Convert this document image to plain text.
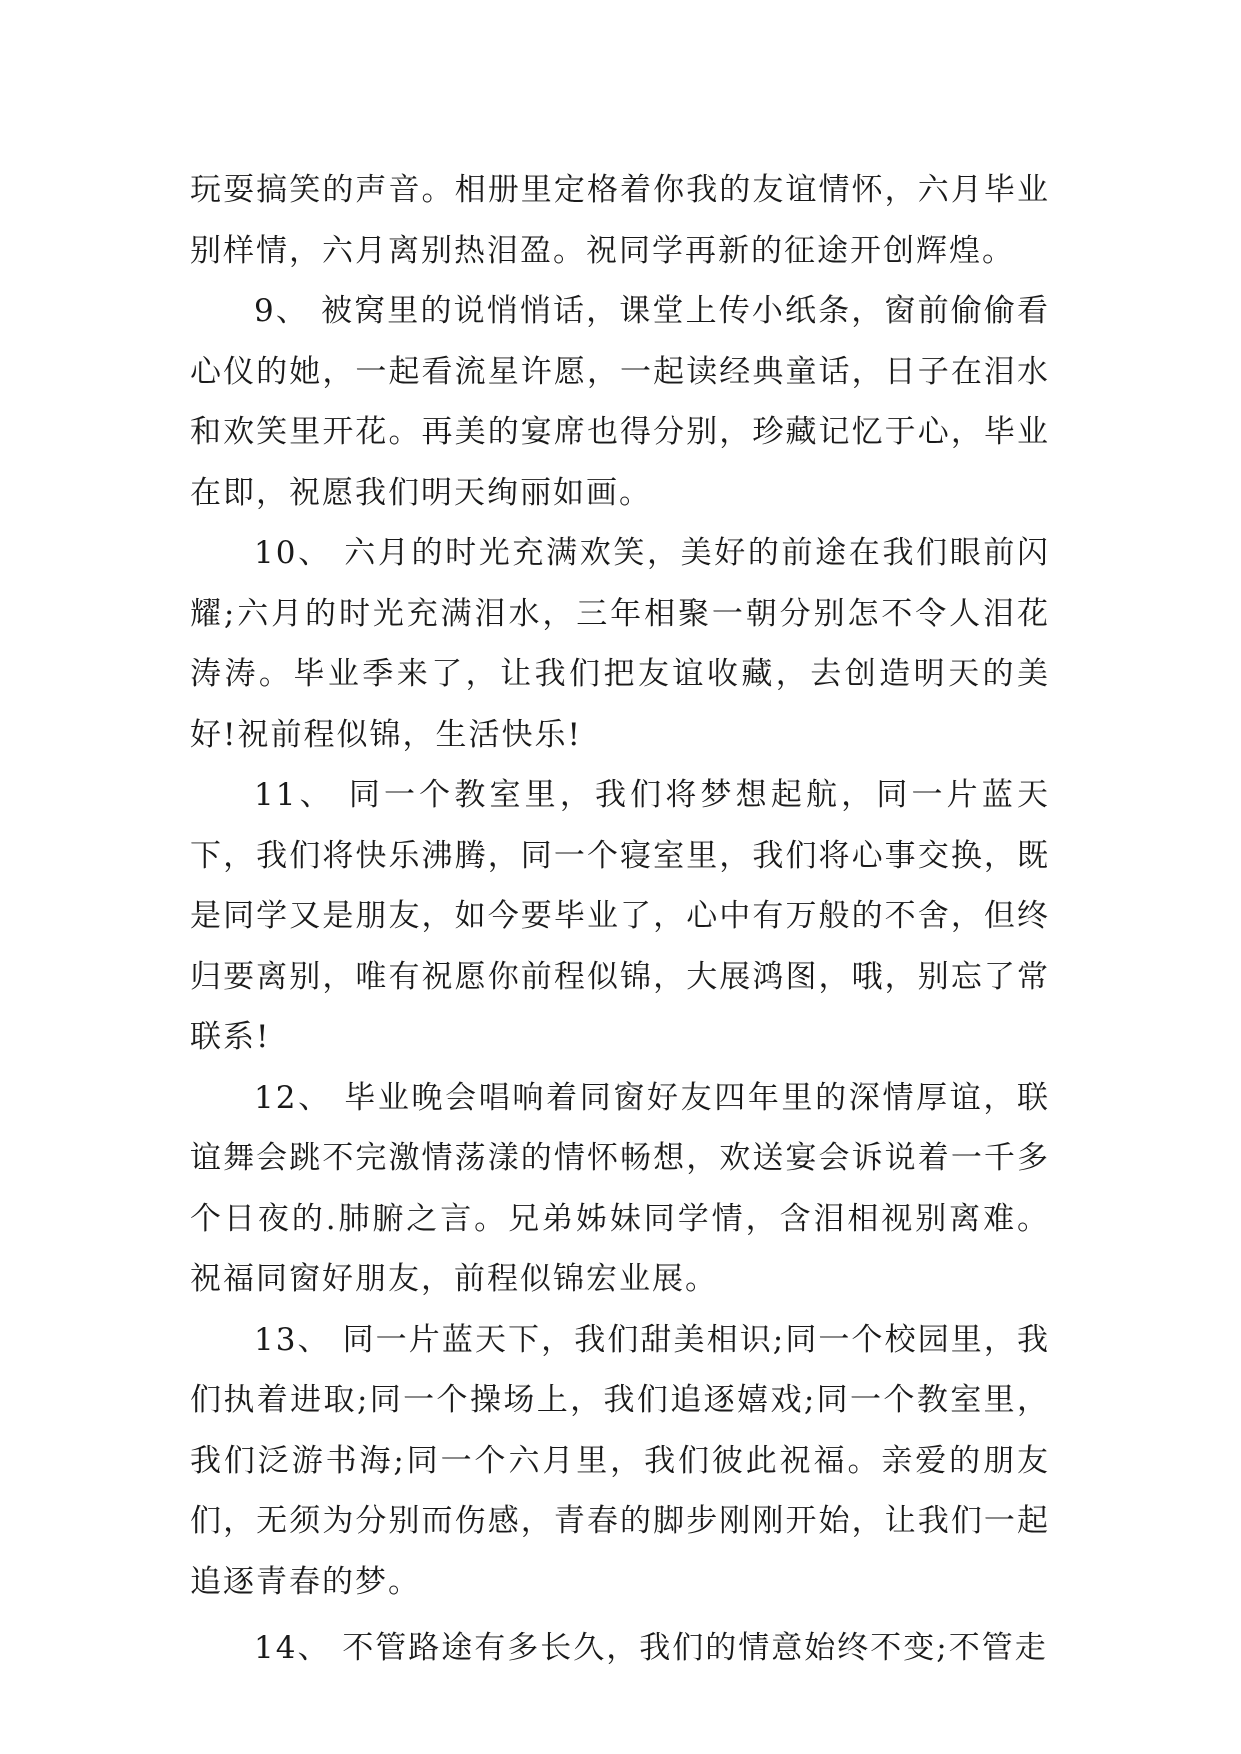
玩耍搞笑的声音。相册里定格着你我的友谊情怀，六月毕业别样情，六月离别热泪盈。祝同学再新的征途开创辉煌。

9、 被窝里的说悄悄话，课堂上传小纸条，窗前偷偷看心仪的她，一起看流星许愿，一起读经典童话，日子在泪水和欢笑里开花。再美的宴席也得分别，珍藏记忆于心，毕业在即，祝愿我们明天绚丽如画。

10、 六月的时光充满欢笑，美好的前途在我们眼前闪耀;六月的时光充满泪水，三年相聚一朝分别怎不令人泪花涛涛。毕业季来了，让我们把友谊收藏，去创造明天的美好!祝前程似锦，生活快乐!

11、 同一个教室里，我们将梦想起航，同一片蓝天下，我们将快乐沸腾，同一个寝室里，我们将心事交换，既是同学又是朋友，如今要毕业了，心中有万般的不舍，但终归要离别，唯有祝愿你前程似锦，大展鸿图，哦，别忘了常联系!

12、 毕业晚会唱响着同窗好友四年里的深情厚谊，联谊舞会跳不完激情荡漾的情怀畅想，欢送宴会诉说着一千多个日夜的.肺腑之言。兄弟姊妹同学情，含泪相视别离难。祝福同窗好朋友，前程似锦宏业展。

13、 同一片蓝天下，我们甜美相识;同一个校园里，我们执着进取;同一个操场上，我们追逐嬉戏;同一个教室里，我们泛游书海;同一个六月里，我们彼此祝福。亲爱的朋友们，无须为分别而伤感，青春的脚步刚刚开始，让我们一起追逐青春的梦。

14、 不管路途有多长久，我们的情意始终不变;不管走
